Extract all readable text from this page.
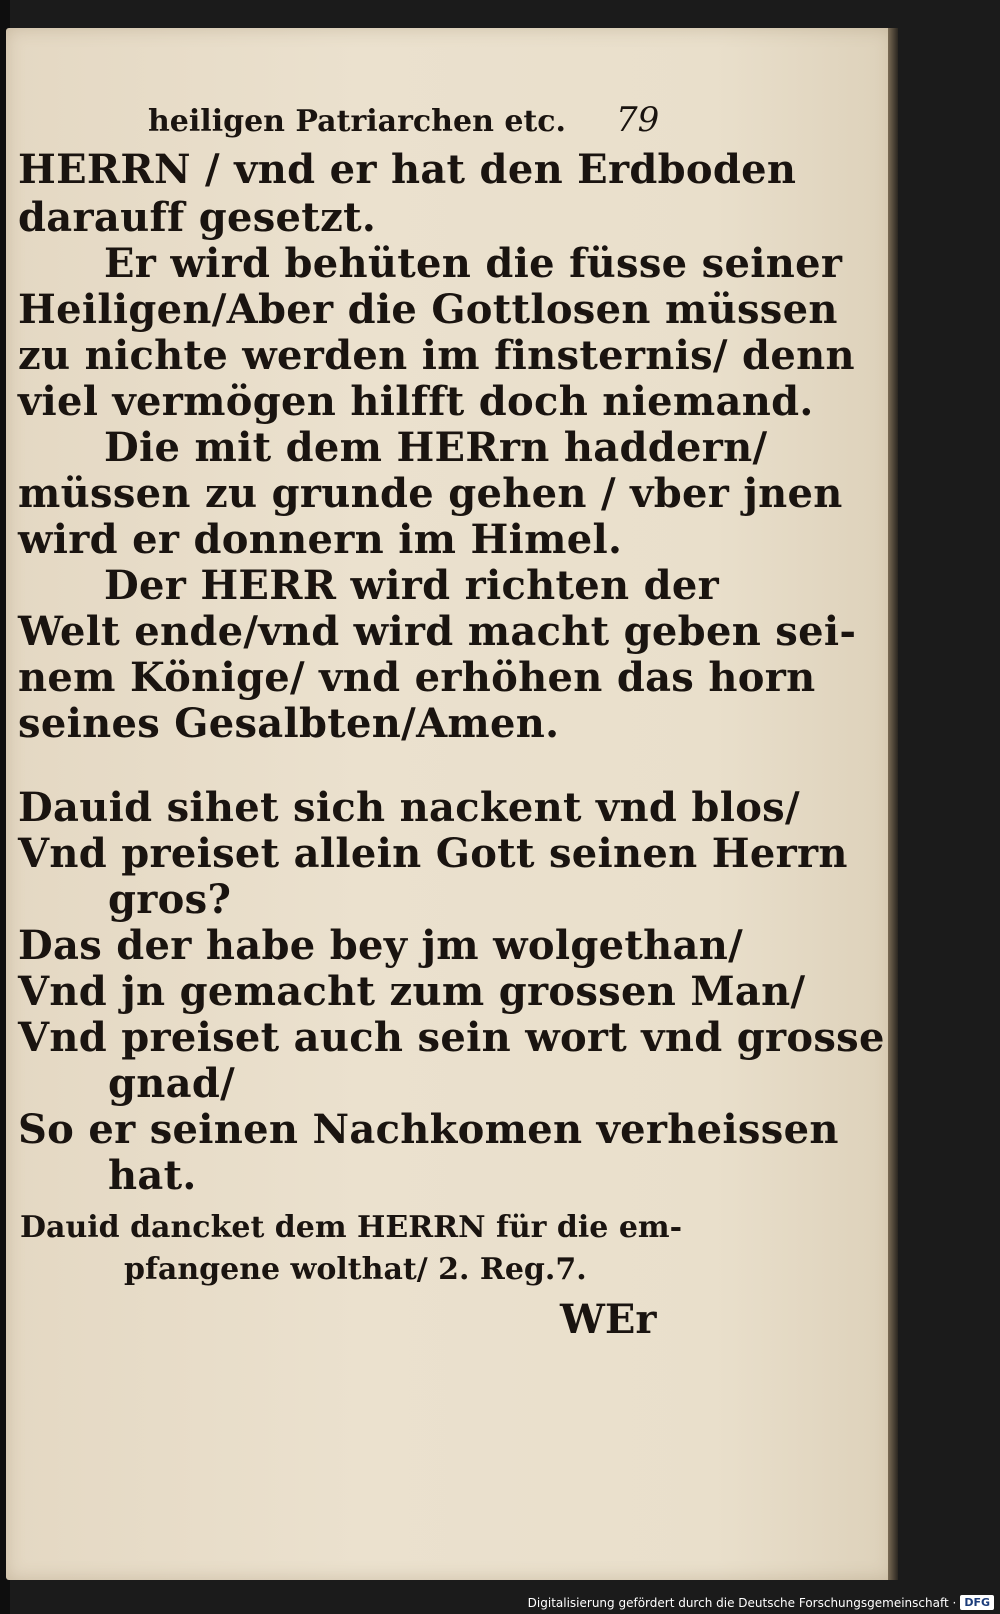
heiligen Patriarchen etc. 79
HERRN / vnd er hat den Erdboden
darauff gesetzt.
Er wird behüten die füsse seiner
Heiligen/Aber die Gottlosen müssen
zu nichte werden im finsternis/ denn
viel vermögen hilfft doch niemand.
Die mit dem HERrn haddern/
müssen zu grunde gehen / vber jnen
wird er donnern im Himel.
Der HERR wird richten der
Welt ende/vnd wird macht geben sei-
nem Könige/ vnd erhöhen das horn
seines Gesalbten/Amen.
Dauid sihet sich nackent vnd blos/
Vnd preiset allein Gott seinen Herrn
gros?
Das der habe bey jm wolgethan/
Vnd jn gemacht zum grossen Man/
Vnd preiset auch sein wort vnd grosse
gnad/
So er seinen Nachkomen verheissen
hat.
Dauid dancket dem HERRN für die em-
pfangene wolthat/ 2. Reg.7.
WEr
Digitalisierung gefördert durch die Deutsche Forschungsgemeinschaft · DFG
